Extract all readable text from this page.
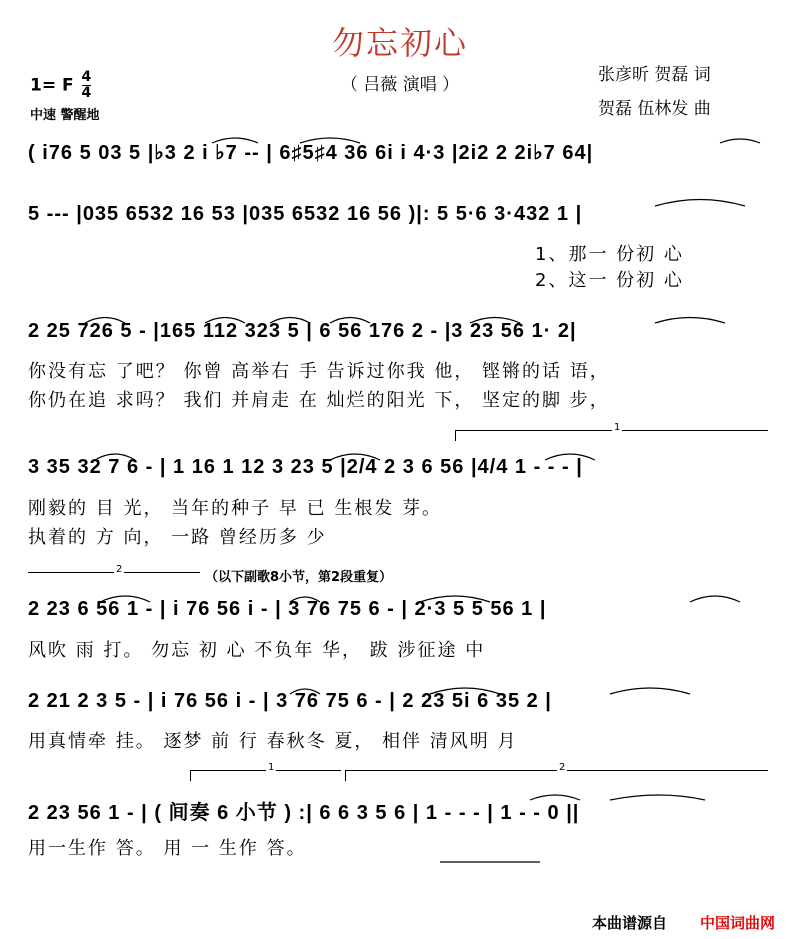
勿忘初心
（ 吕薇 演唱 ）
1= F $\frac{4}{4}$
中速 警醒地
张彦昕 贺磊 词
贺磊 伍林发 曲
( i76 5 03 5 |♭3 2 i ♭7 -- | 6♯5♯4 36 6i i 4·3 |2i2 2 2i♭7 64|
5 --- |035 6532 16 53 |035 6532 16 56 )|: 5 5·6 3·432 1 |
1、那一 份初 心
2、这一 份初 心
2 25 726 5 - |165 112 323 5 | 6 56 176 2 - |3 23 56 1· 2|
你没有忘 了吧？ 你曾 高举右 手 告诉过你我 他， 铿锵的话 语，
你仍在追 求吗？ 我们 并肩走 在 灿烂的阳光 下， 坚定的脚 步，
1
3 35 32 7 6 - | 1 16 1 12 3 23 5 |2/4 2 3 6 56 |4/4 1 - - - |
刚毅的 目 光， 当年的种子 早 已 生根发 芽。
执着的 方 向， 一路 曾经历多 少
2
（以下副歌8小节，第2段重复）
2 23 6 56 1 - | i 76 56 i - | 3 76 75 6 - | 2·3 5 5 56 1 |
风吹 雨 打。 勿忘 初 心 不负年 华， 跋 涉征途 中
2 21 2 3 5 - | i 76 56 i - | 3 76 75 6 - | 2 23 5i 6 35 2 |
用真情牵 挂。 逐梦 前 行 春秋冬 夏， 相伴 清风明 月
1	2
2 23 56 1 - | ( 间奏 6 小节 ) :| 6 6 3 5 6 | 1 - - - | 1 - - 0 ||
用一生作 答。 用 一 生作 答。
本曲谱源自 中国词曲网
